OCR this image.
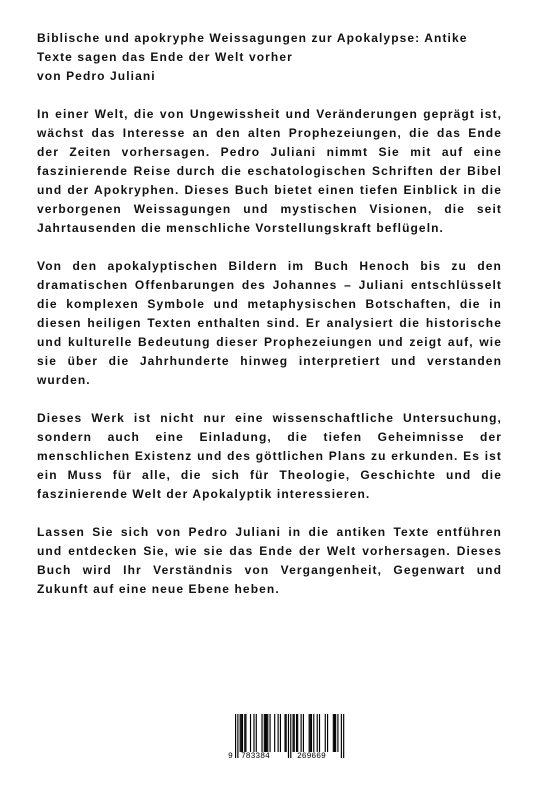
Biblische und apokryphe Weissagungen zur Apokalypse: Antike
Texte sagen das Ende der Welt vorher
von Pedro Juliani

In einer Welt, die von Ungewissheit und Veränderungen geprägt ist, wächst das Interesse an den alten Prophezeiungen, die das Ende der Zeiten vorhersagen. Pedro Juliani nimmt Sie mit auf eine faszinierende Reise durch die eschatologischen Schriften der Bibel und der Apokryphen. Dieses Buch bietet einen tiefen Einblick in die verborgenen Weissagungen und mystischen Visionen, die seit Jahrtausenden die menschliche Vorstellungskraft beflügeln.

Von den apokalyptischen Bildern im Buch Henoch bis zu den dramatischen Offenbarungen des Johannes – Juliani entschlüsselt die komplexen Symbole und metaphysischen Botschaften, die in diesen heiligen Texten enthalten sind. Er analysiert die historische und kulturelle Bedeutung dieser Prophezeiungen und zeigt auf, wie sie über die Jahrhunderte hinweg interpretiert und verstanden wurden.

Dieses Werk ist nicht nur eine wissenschaftliche Untersuchung, sondern auch eine Einladung, die tiefen Geheimnisse der menschlichen Existenz und des göttlichen Plans zu erkunden. Es ist ein Muss für alle, die sich für Theologie, Geschichte und die faszinierende Welt der Apokalyptik interessieren.

Lassen Sie sich von Pedro Juliani in die antiken Texte entführen und entdecken Sie, wie sie das Ende der Welt vorhersagen. Dieses Buch wird Ihr Verständnis von Vergangenheit, Gegenwart und Zukunft auf eine neue Ebene heben.

9 783384	269669
